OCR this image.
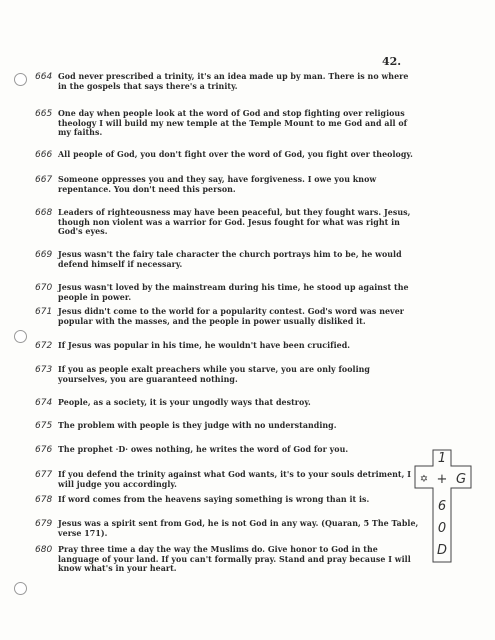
42.
664 God never prescribed a trinity, it's an idea made up by man. There is no where in the gospels that says there's a trinity.
665 One day when people look at the word of God and stop fighting over religious theology I will build my new temple at the Temple Mount to me God and all of my faiths.
666 All people of God, you don't fight over the word of God, you fight over theology.
667 Someone oppresses you and they say, have forgiveness. I owe you know repentance. You don't need this person.
668 Leaders of righteousness may have been peaceful, but they fought wars. Jesus, though non violent was a warrior for God. Jesus fought for what was right in God's eyes.
669 Jesus wasn't the fairy tale character the church portrays him to be, he would defend himself if necessary.
670 Jesus wasn't loved by the mainstream during his time, he stood up against the people in power.
671 Jesus didn't come to the world for a popularity contest. God's word was never popular with the masses, and the people in power usually disliked it.
672 If Jesus was popular in his time, he wouldn't have been crucified.
673 If you as people exalt preachers while you starve, you are only fooling yourselves, you are guaranteed nothing.
674 People, as a society, it is your ungodly ways that destroy.
675 The problem with people is they judge with no understanding.
676 The prophet ·D· owes nothing, he writes the word of God for you.
677 If you defend the trinity against what God wants, it's to your souls detriment, I will judge you accordingly.
678 If word comes from the heavens saying something is wrong than it is.
679 Jesus was a spirit sent from God, he is not God in any way. (Quaran, 5 The Table, verse 171).
680 Pray three time a day the way the Muslims do. Give honor to God in the language of your land. If you can't formally pray. Stand and pray because I will know what's in your heart.
1
✡ + G
6
0
D
